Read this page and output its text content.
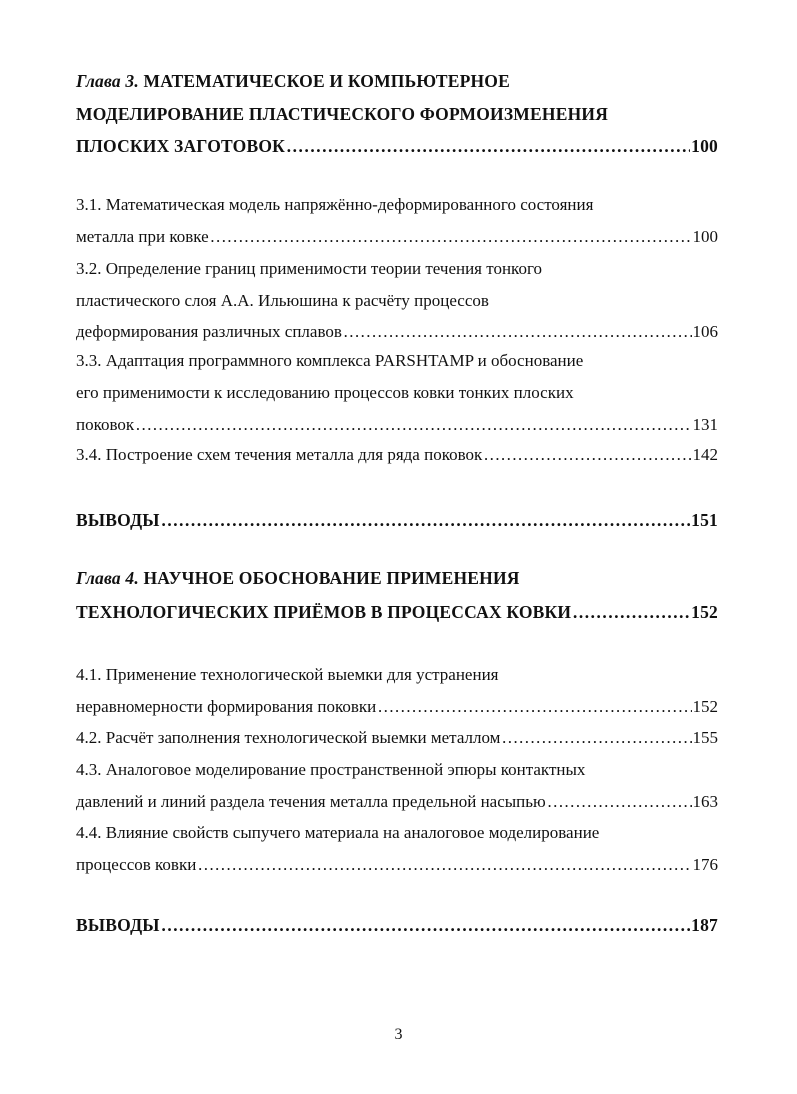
Глава 3. МАТЕМАТИЧЕСКОЕ И КОМПЬЮТЕРНОЕ
МОДЕЛИРОВАНИЕ ПЛАСТИЧЕСКОГО ФОРМОИЗМЕНЕНИЯ
ПЛОСКИХ ЗАГОТОВОК ……………………………………………………………………………………………………………………………………………………………………………………………………	100
3.1. Математическая модель напряжённо-деформированного состояния
металла при ковке ……………………………………………………………………………………………………………………………………………………………………………………………………	100
3.2. Определение границ применимости теории течения тонкого
пластического слоя А.А. Ильюшина к расчёту процессов
деформирования различных сплавов ……………………………………………………………………………………………………………………………………………………………………………………………………	106
3.3. Адаптация программного комплекса PARSHTAMP и обоснование
его применимости к исследованию процессов ковки тонких плоских
поковок ……………………………………………………………………………………………………………………………………………………………………………………………………	131
3.4. Построение схем течения металла для ряда поковок ……………………………………………………………………………………………………………………………………………………………………………………………………	142
ВЫВОДЫ ……………………………………………………………………………………………………………………………………………………………………………………………………	151
Глава 4. НАУЧНОЕ ОБОСНОВАНИЕ ПРИМЕНЕНИЯ
ТЕХНОЛОГИЧЕСКИХ ПРИЁМОВ В ПРОЦЕССАХ КОВКИ ……………………………………………………………………………………………………………………………………………………………………………………………………	152
4.1. Применение технологической выемки для устранения
неравномерности формирования поковки ……………………………………………………………………………………………………………………………………………………………………………………………………	152
4.2. Расчёт заполнения технологической выемки металлом ……………………………………………………………………………………………………………………………………………………………………………………………………	155
4.3. Аналоговое моделирование пространственной эпюры контактных
давлений и линий раздела течения металла предельной насыпью ……………………………………………………………………………………………………………………………………………………………………………………………………	163
4.4. Влияние свойств сыпучего материала на аналоговое моделирование
процессов ковки ……………………………………………………………………………………………………………………………………………………………………………………………………	176
ВЫВОДЫ ……………………………………………………………………………………………………………………………………………………………………………………………………	187
3
